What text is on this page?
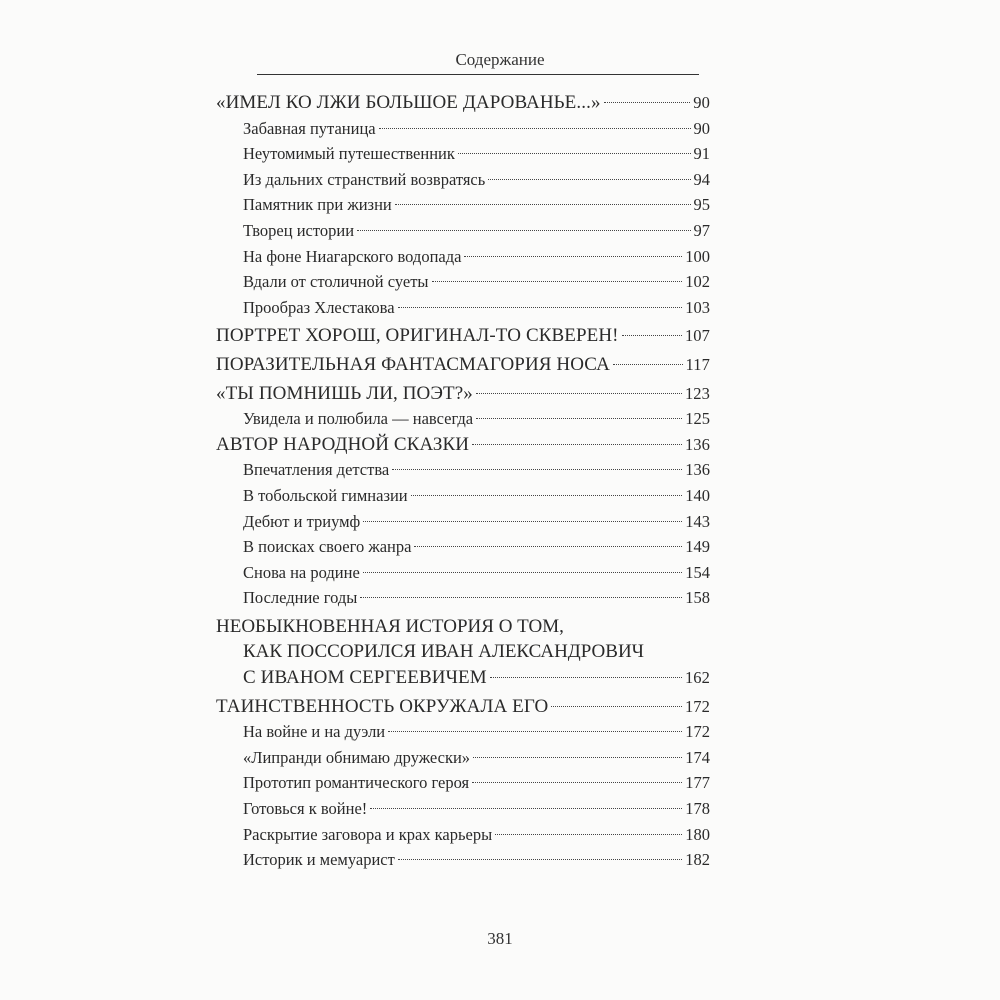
Содержание
«ИМЕЛ КО ЛЖИ БОЛЬШОЕ ДАРОВАНЬЕ...»	90
Забавная путаница	90
Неутомимый путешественник	91
Из дальних странствий возвратясь	94
Памятник при жизни	95
Творец истории	97
На фоне Ниагарского водопада	100
Вдали от столичной суеты	102
Прообраз Хлестакова	103
ПОРТРЕТ ХОРОШ, ОРИГИНАЛ-ТО СКВЕРЕН!	107
ПОРАЗИТЕЛЬНАЯ ФАНТАСМАГОРИЯ НОСА	117
«ТЫ ПОМНИШЬ ЛИ, ПОЭТ?»	123
Увидела и полюбила — навсегда	125
АВТОР НАРОДНОЙ СКАЗКИ	136
Впечатления детства	136
В тобольской гимназии	140
Дебют и триумф	143
В поисках своего жанра	149
Снова на родине	154
Последние годы	158
НЕОБЫКНОВЕННАЯ ИСТОРИЯ О ТОМ,
КАК ПОССОРИЛСЯ ИВАН АЛЕКСАНДРОВИЧ
С ИВАНОМ СЕРГЕЕВИЧЕМ	162
ТАИНСТВЕННОСТЬ ОКРУЖАЛА ЕГО	172
На войне и на дуэли	172
«Липранди обнимаю дружески»	174
Прототип романтического героя	177
Готовься к войне!	178
Раскрытие заговора и крах карьеры	180
Историк и мемуарист	182
381
